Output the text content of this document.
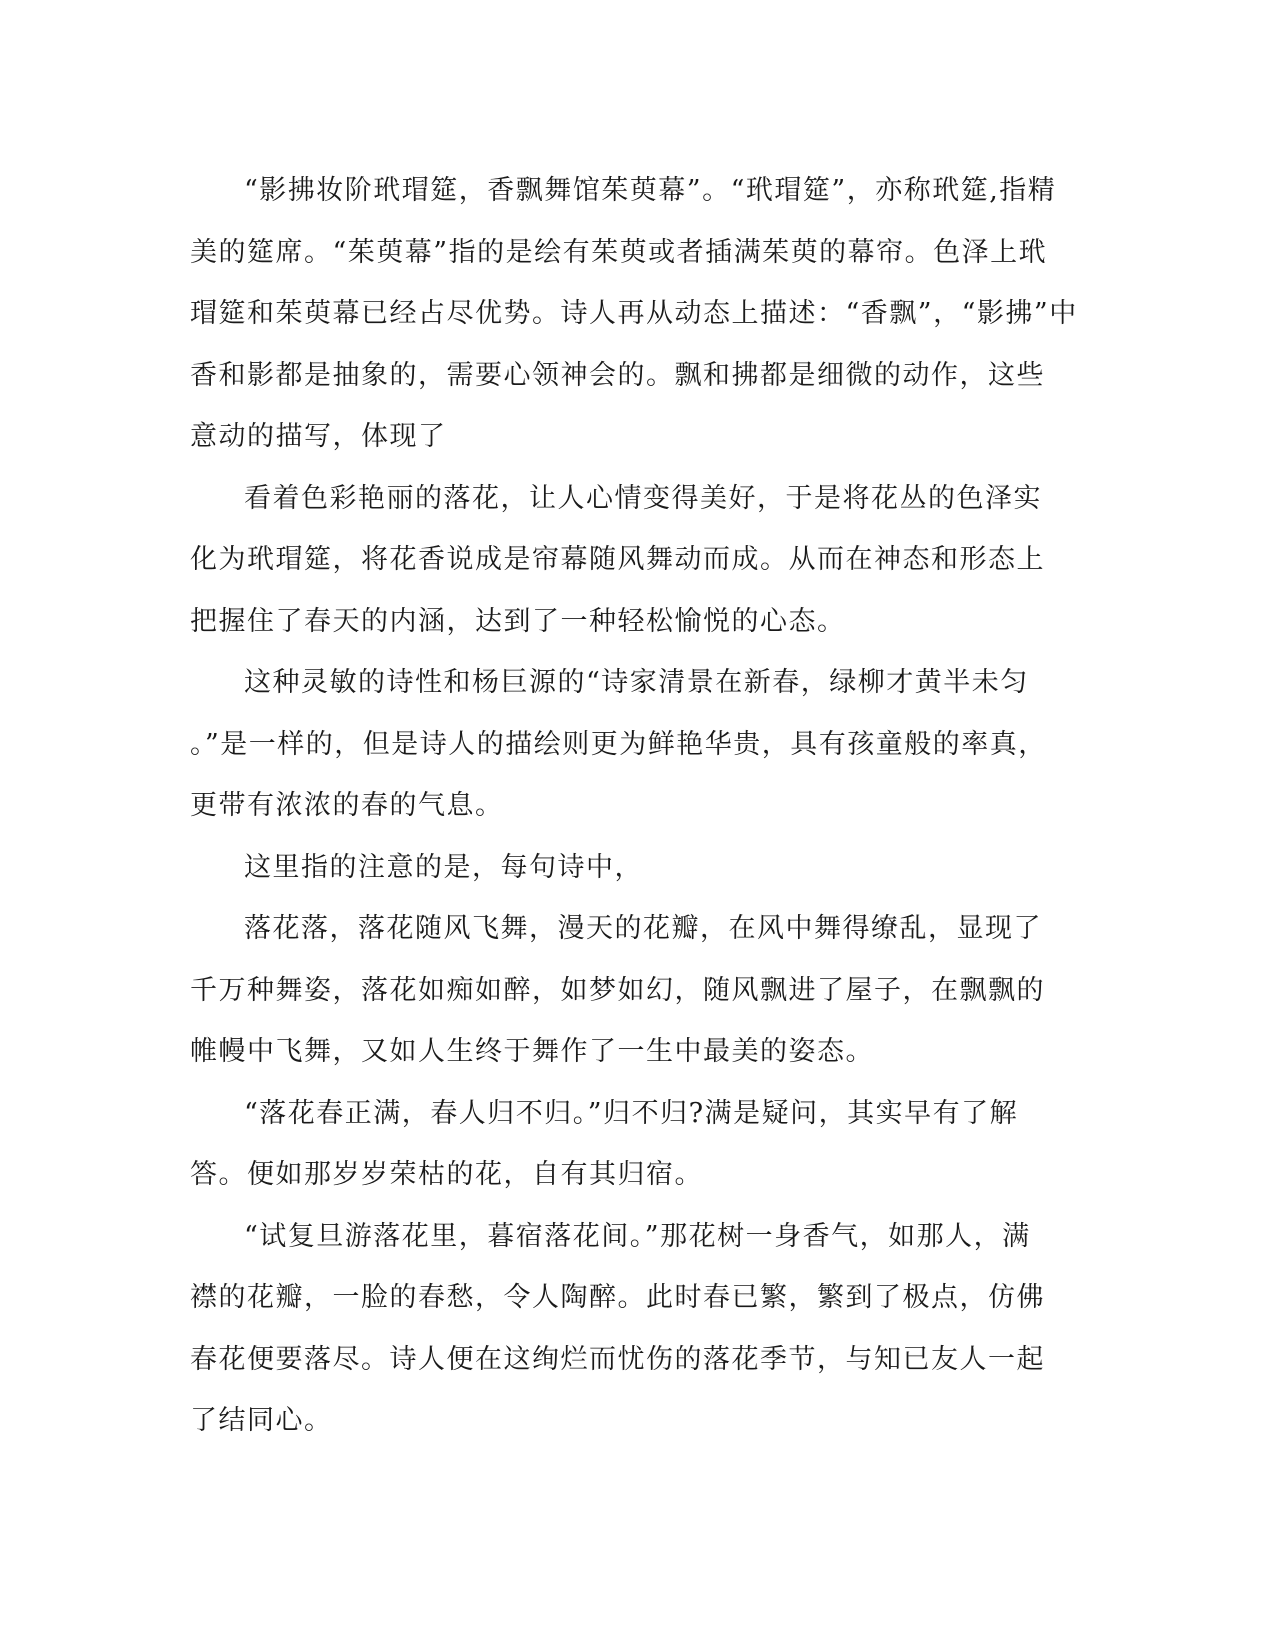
“影拂妆阶玳瑁筵，香飘舞馆茱萸幕”。“玳瑁筵”，亦称玳筵,指精
美的筵席。“茱萸幕”指的是绘有茱萸或者插满茱萸的幕帘。色泽上玳
瑁筵和茱萸幕已经占尽优势。诗人再从动态上描述：“香飘”，“影拂”中
香和影都是抽象的，需要心领神会的。飘和拂都是细微的动作，这些
意动的描写，体现了

看着色彩艳丽的落花，让人心情变得美好，于是将花丛的色泽实
化为玳瑁筵，将花香说成是帘幕随风舞动而成。从而在神态和形态上
把握住了春天的内涵，达到了一种轻松愉悦的心态。

这种灵敏的诗性和杨巨源的“诗家清景在新春，绿柳才黄半未匀
。”是一样的，但是诗人的描绘则更为鲜艳华贵，具有孩童般的率真，
更带有浓浓的春的气息。

这里指的注意的是，每句诗中，

落花落，落花随风飞舞，漫天的花瓣，在风中舞得缭乱，显现了
千万种舞姿，落花如痴如醉，如梦如幻，随风飘进了屋子，在飘飘的
帷幔中飞舞，又如人生终于舞作了一生中最美的姿态。

“落花春正满，春人归不归。”归不归?满是疑问，其实早有了解
答。便如那岁岁荣枯的花，自有其归宿。

“试复旦游落花里，暮宿落花间。”那花树一身香气，如那人，满
襟的花瓣，一脸的春愁，令人陶醉。此时春已繁，繁到了极点，仿佛
春花便要落尽。诗人便在这绚烂而忧伤的落花季节，与知已友人一起
了结同心。
